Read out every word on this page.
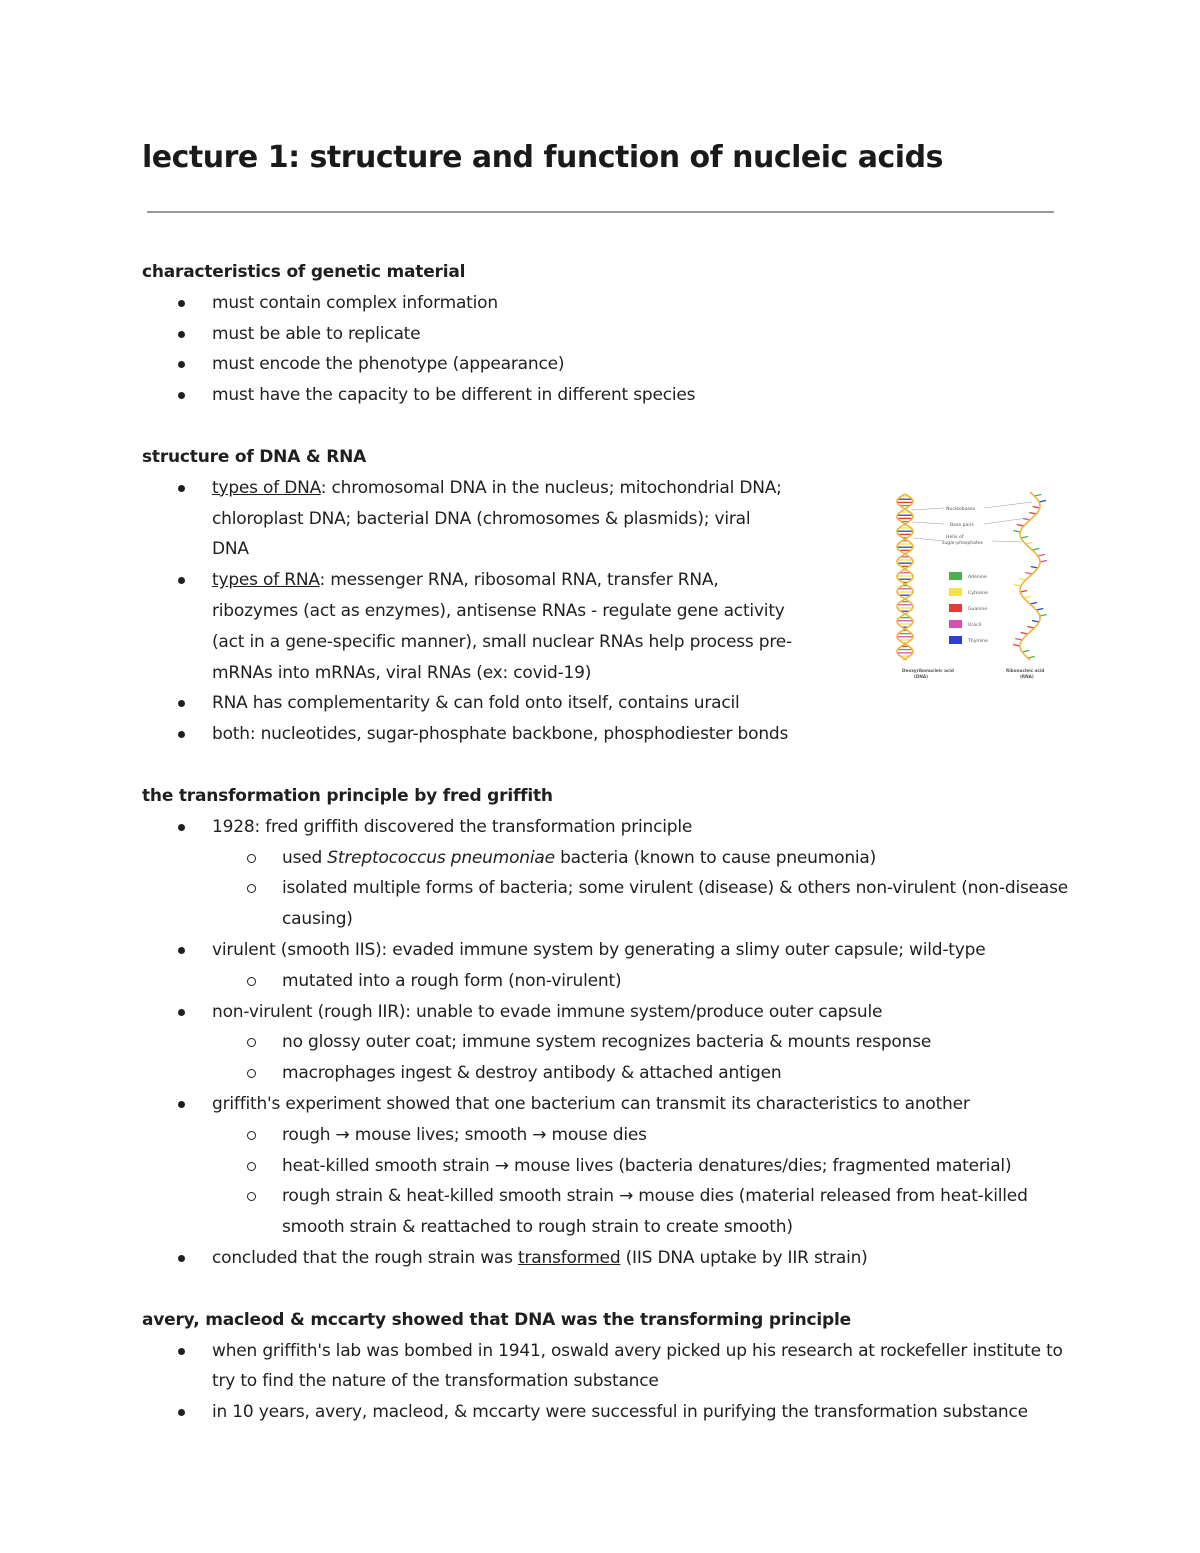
lecture 1: structure and function of nucleic acids

characteristics of genetic material

must contain complex information
must be able to replicate
must encode the phenotype (appearance)
must have the capacity to be different in different species

structure of DNA & RNA

types of DNA: chromosomal DNA in the nucleus; mitochondrial DNA; chloroplast DNA; bacterial DNA (chromosomes & plasmids); viral DNA
types of RNA: messenger RNA, ribosomal RNA, transfer RNA, ribozymes (act as enzymes), antisense RNAs - regulate gene activity (act in a gene-specific manner), small nuclear RNAs help process pre-mRNAs into mRNAs, viral RNAs (ex: covid-19)
RNA has complementarity & can fold onto itself, contains uracil
both: nucleotides, sugar-phosphate backbone, phosphodiester bonds

the transformation principle by fred griffith

1928: fred griffith discovered the transformation principle
used Streptococcus pneumoniae bacteria (known to cause pneumonia)
isolated multiple forms of bacteria; some virulent (disease) & others non-virulent (non-disease causing)
virulent (smooth IIS): evaded immune system by generating a slimy outer capsule; wild-type
mutated into a rough form (non-virulent)
non-virulent (rough IIR): unable to evade immune system/produce outer capsule
no glossy outer coat; immune system recognizes bacteria & mounts response
macrophages ingest & destroy antibody & attached antigen
griffith's experiment showed that one bacterium can transmit its characteristics to another
rough → mouse lives; smooth → mouse dies
heat-killed smooth strain → mouse lives (bacteria denatures/dies; fragmented material)
rough strain & heat-killed smooth strain → mouse dies (material released from heat-killed smooth strain & reattached to rough strain to create smooth)
concluded that the rough strain was transformed (IIS DNA uptake by IIR strain)

avery, macleod & mccarty showed that DNA was the transforming principle

when griffith's lab was bombed in 1941, oswald avery picked up his research at rockefeller institute to try to find the nature of the transformation substance
in 10 years, avery, macleod, & mccarty were successful in purifying the transformation substance
Nucleobases
Base pairs
Helix of
sugar-phosphates
Adenine
Cytosine
Guanine
Uracil
Thymine
Deoxyribonucleic acid
(DNA)
Ribonucleic acid
(RNA)
